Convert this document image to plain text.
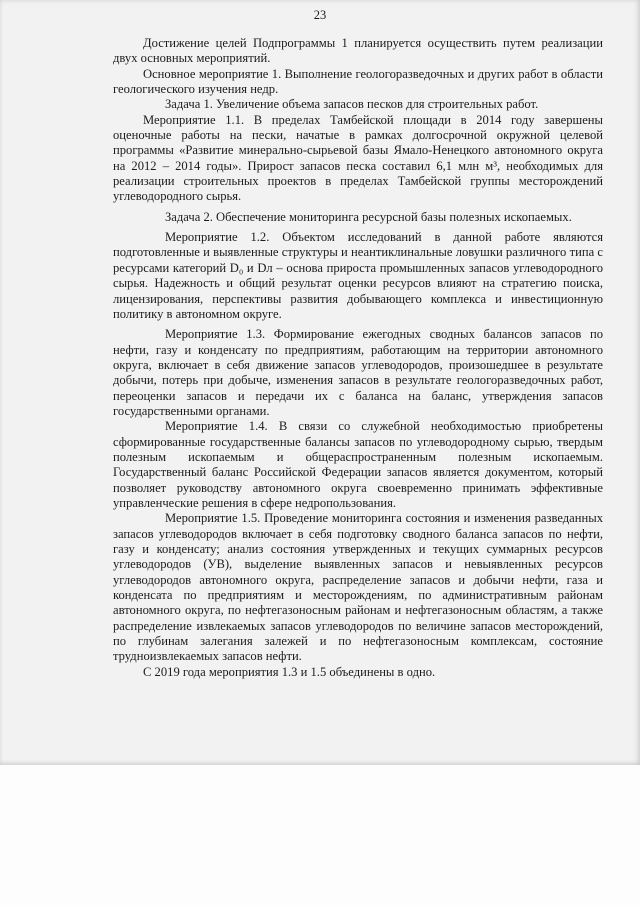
23

Достижение целей Подпрограммы 1 планируется осуществить путем реализации двух основных мероприятий.

Основное мероприятие 1. Выполнение геологоразведочных и других работ в области геологического изучения недр.

Задача 1. Увеличение объема запасов песков для строительных работ.

Мероприятие 1.1. В пределах Тамбейской площади в 2014 году завершены оценочные работы на пески, начатые в рамках долгосрочной окружной целевой программы «Развитие минерально-сырьевой базы Ямало-Ненецкого автономного округа на 2012 – 2014 годы». Прирост запасов песка составил 6,1 млн м³, необходимых для реализации строительных проектов в пределах Тамбейской группы месторождений углеводородного сырья.

Задача 2. Обеспечение мониторинга ресурсной базы полезных ископаемых.

Мероприятие 1.2. Объектом исследований в данной работе являются подготовленные и выявленные структуры и неантиклинальные ловушки различного типа с ресурсами категорий D₀ и Dл – основа прироста промышленных запасов углеводородного сырья. Надежность и общий результат оценки ресурсов влияют на стратегию поиска, лицензирования, перспективы развития добывающего комплекса и инвестиционную политику в автономном округе.

Мероприятие 1.3. Формирование ежегодных сводных балансов запасов по нефти, газу и конденсату по предприятиям, работающим на территории автономного округа, включает в себя движение запасов углеводородов, произошедшее в результате добычи, потерь при добыче, изменения запасов в результате геологоразведочных работ, переоценки запасов и передачи их с баланса на баланс, утверждения запасов государственными органами.

Мероприятие 1.4. В связи со служебной необходимостью приобретены сформированные государственные балансы запасов по углеводородному сырью, твердым полезным ископаемым и общераспространенным полезным ископаемым. Государственный баланс Российской Федерации запасов является документом, который позволяет руководству автономного округа своевременно принимать эффективные управленческие решения в сфере недропользования.

Мероприятие 1.5. Проведение мониторинга состояния и изменения разведанных запасов углеводородов включает в себя подготовку сводного баланса запасов по нефти, газу и конденсату; анализ состояния утвержденных и текущих суммарных ресурсов углеводородов (УВ), выделение выявленных запасов и невыявленных ресурсов углеводородов автономного округа, распределение запасов и добычи нефти, газа и конденсата по предприятиям и месторождениям, по административным районам автономного округа, по нефтегазоносным районам и нефтегазоносным областям, а также распределение извлекаемых запасов углеводородов по величине запасов месторождений, по глубинам залегания залежей и по нефтегазоносным комплексам, состояние трудноизвлекаемых запасов нефти.

С 2019 года мероприятия 1.3 и 1.5 объединены в одно.
